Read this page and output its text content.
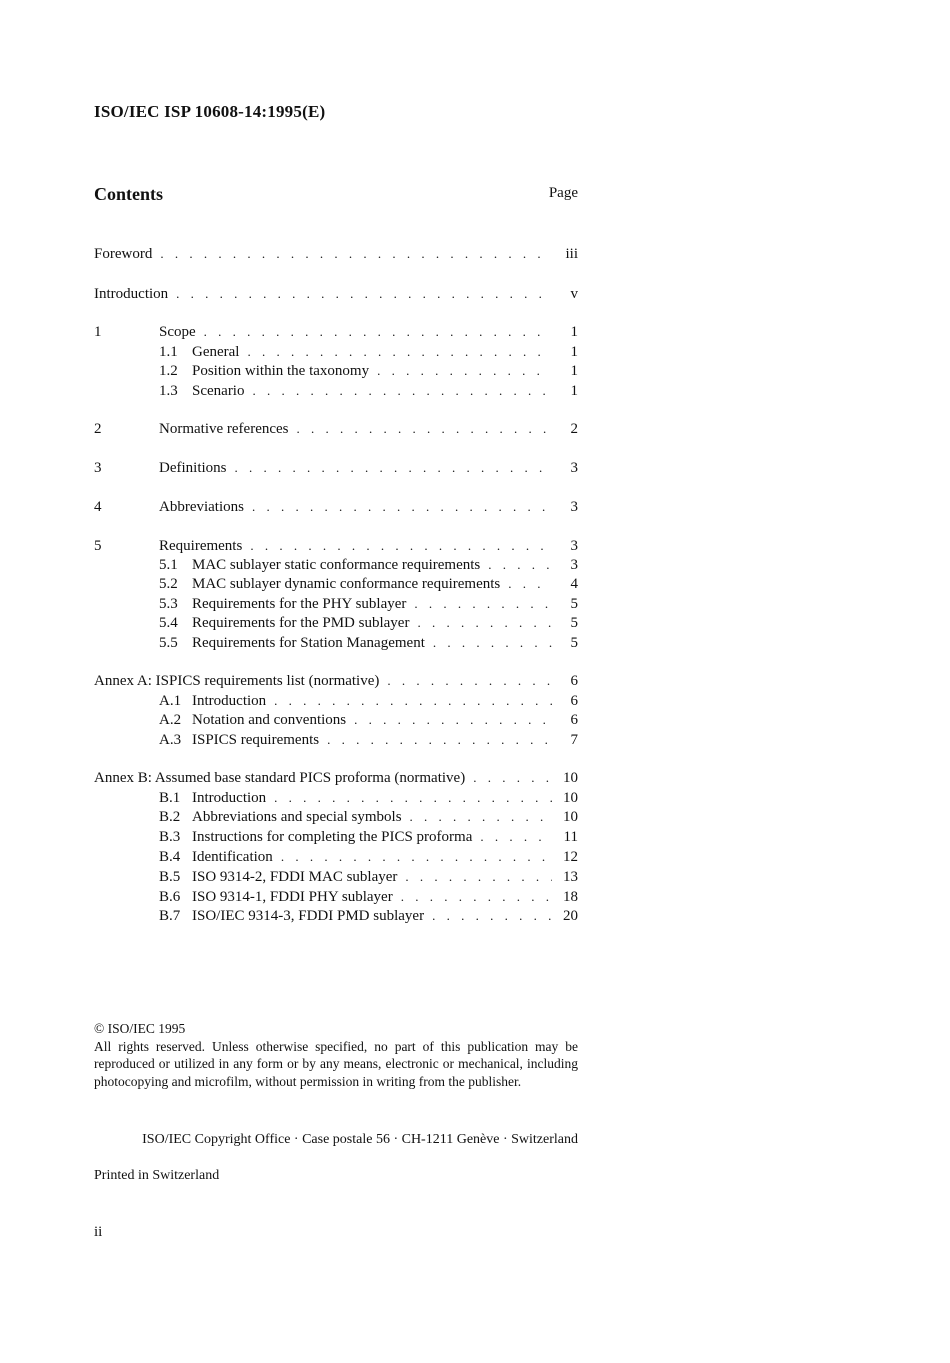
ISO/IEC ISP 10608-14:1995(E)
Contents	Page
Foreword . . .	iii
Introduction . . .	v
1	Scope . . .	1
1.1 General . . .	1
1.2 Position within the taxonomy . . .	1
1.3 Scenario . . .	1
2	Normative references . . .	2
3	Definitions . . .	3
4	Abbreviations . . .	3
5	Requirements . . .	3
5.1 MAC sublayer static conformance requirements . . .	3
5.2 MAC sublayer dynamic conformance requirements . . .	4
5.3 Requirements for the PHY sublayer . . .	5
5.4 Requirements for the PMD sublayer . . .	5
5.5 Requirements for Station Management . . .	5
Annex A: ISPICS requirements list (normative) . . .	6
A.1 Introduction . . .	6
A.2 Notation and conventions . . .	6
A.3 ISPICS requirements . . .	7
Annex B: Assumed base standard PICS proforma (normative) . . .	10
B.1 Introduction . . .	10
B.2 Abbreviations and special symbols . . .	10
B.3 Instructions for completing the PICS proforma . . .	11
B.4 Identification . . .	12
B.5 ISO 9314-2, FDDI MAC sublayer . . .	13
B.6 ISO 9314-1, FDDI PHY sublayer . . .	18
B.7 ISO/IEC 9314-3, FDDI PMD sublayer . . .	20
© ISO/IEC 1995
All rights reserved. Unless otherwise specified, no part of this publication may be reproduced or utilized in any form or by any means, electronic or mechanical, including photocopying and microfilm, without permission in writing from the publisher.
ISO/IEC Copyright Office · Case postale 56 · CH-1211 Genève · Switzerland
Printed in Switzerland
ii
